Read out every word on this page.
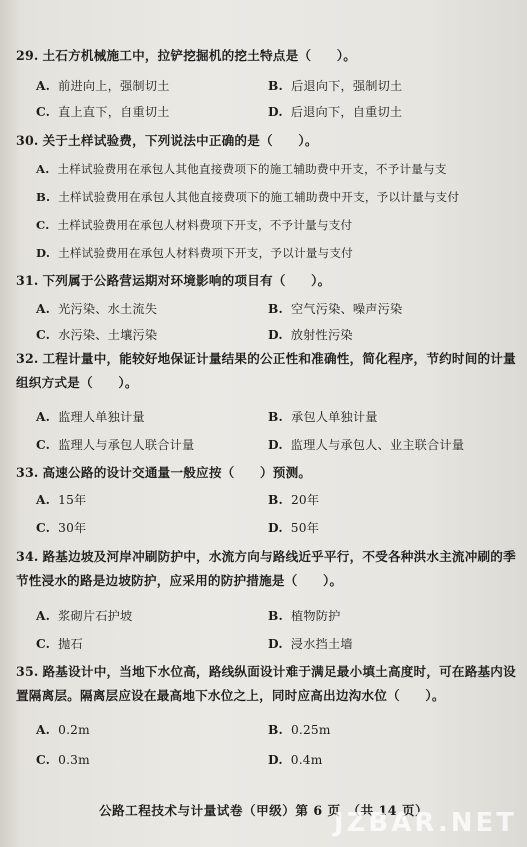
29. 土石方机械施工中，拉铲挖掘机的挖土特点是（　　）。
A. 前进向上，强制切土	B. 后退向下，强制切土
C. 直上直下，自重切土	D. 后退向下，自重切土
30. 关于土样试验费，下列说法中正确的是（　　）。
A. 土样试验费用在承包人其他直接费项下的施工辅助费中开支，不予计量与支
B. 土样试验费用在承包人其他直接费项下的施工辅助费中开支，予以计量与支付
C. 土样试验费用在承包人材料费项下开支，不予计量与支付
D. 土样试验费用在承包人材料费项下开支，予以计量与支付
31. 下列属于公路营运期对环境影响的项目有（　　）。
A. 光污染、水土流失	B. 空气污染、噪声污染
C. 水污染、土壤污染	D. 放射性污染
32. 工程计量中，能较好地保证计量结果的公正性和准确性，简化程序，节约时间的计量组织方式是（　　）。
A. 监理人单独计量	B. 承包人单独计量
C. 监理人与承包人联合计量	D. 监理人与承包人、业主联合计量
33. 高速公路的设计交通量一般应按（　　）预测。
A. 15年	B. 20年
C. 30年	D. 50年
34. 路基边坡及河岸冲刷防护中，水流方向与路线近乎平行，不受各种洪水主流冲刷的季节性浸水的路是边坡防护，应采用的防护措施是（　　）。
A. 浆砌片石护坡	B. 植物防护
C. 抛石	D. 浸水挡土墙
35. 路基设计中，当地下水位高，路线纵面设计难于满足最小填土高度时，可在路基内设置隔离层。隔离层应设在最高地下水位之上，同时应高出边沟水位（　　）。
A. 0.2m	B. 0.25m
C. 0.3m	D. 0.4m
公路工程技术与计量试卷（甲级）第 6 页　（共 14 页）
JZBAR.NET
